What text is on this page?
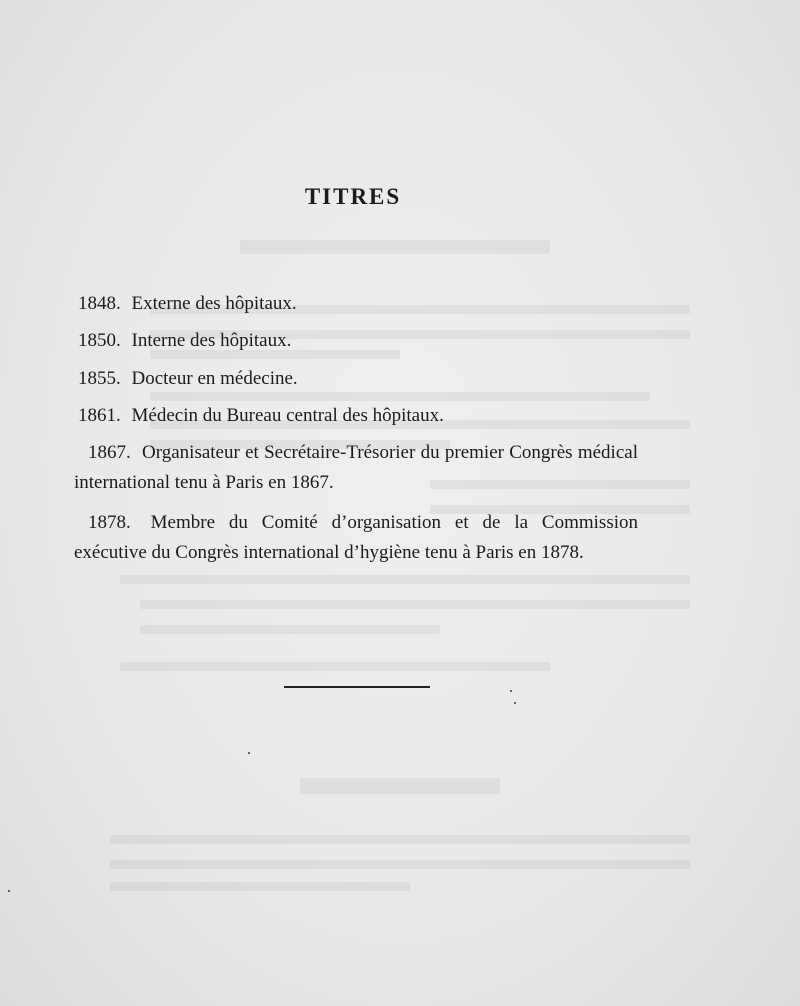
TITRES
1848. Externe des hôpitaux.
1850. Interne des hôpitaux.
1855. Docteur en médecine.
1861. Médecin du Bureau central des hôpitaux.
1867. Organisateur et Secrétaire-Trésorier du premier Congrès médical international tenu à Paris en 1867.
1878. Membre du Comité d’organisation et de la Commission exécutive du Congrès international d’hygiène tenu à Paris en 1878.
